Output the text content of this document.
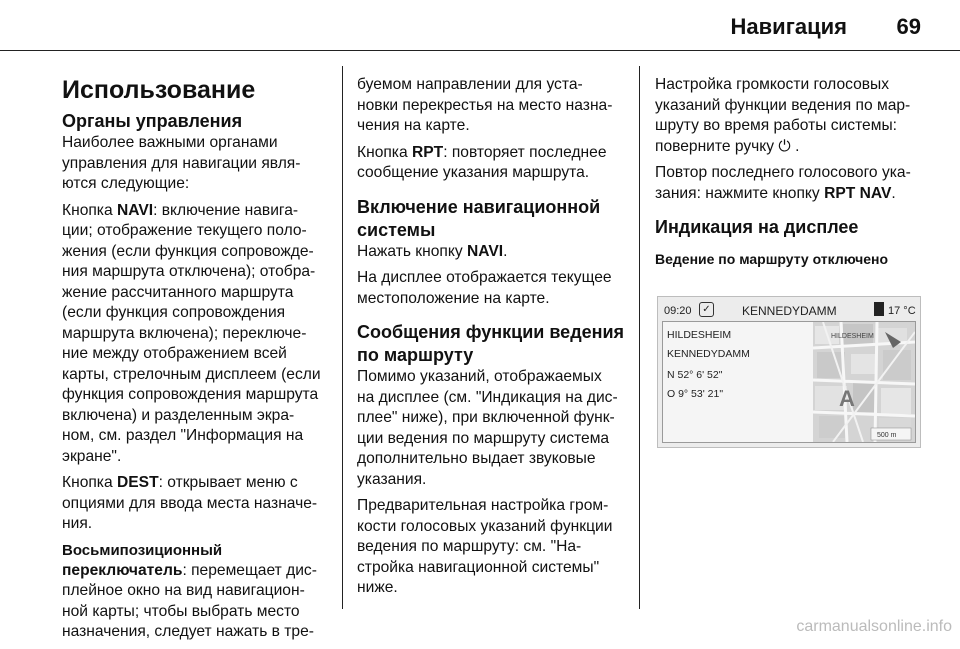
Навигация 69
Использование
Органы управления

Наиболее важными органами
управления для навигации явля-
ются следующие:

Кнопка NAVI: включение навига-
ции; отображение текущего поло-
жения (если функция сопровожде-
ния маршрута отключена); отобра-
жение рассчитанного маршрута
(если функция сопровождения
маршрута включена); переключе-
ние между отображением всей
карты, стрелочным дисплеем (если
функция сопровождения маршрута
включена) и разделенным экра-
ном, см. раздел "Информация на
экране".

Кнопка DEST: открывает меню с
опциями для ввода места назначе-
ния.

Восьмипозиционный
переключатель: перемещает дис-
плейное окно на вид навигацион-
ной карты; чтобы выбрать место
назначения, следует нажать в тре-

буемом направлении для уста-
новки перекрестья на место назна-
чения на карте.

Кнопка RPT: повторяет последнее
сообщение указания маршрута.

Включение навигационной
системы

Нажать кнопку NAVI.

На дисплее отображается текущее
местоположение на карте.

Сообщения функции ведения
по маршруту

Помимо указаний, отображаемых
на дисплее (см. "Индикация на дис-
плее" ниже), при включенной функ-
ции ведения по маршруту система
дополнительно выдает звуковые
указания.

Предварительная настройка гром-
кости голосовых указаний функции
ведения по маршруту: см. "На-
стройка навигационной системы"
ниже.

Настройка громкости голосовых
указаний функции ведения по мар-
шруту во время работы системы:
поверните ручку ⏻ .

Повтор последнего голосового ука-
зания: нажмите кнопку RPT NAV.

Индикация на дисплее
Ведение по маршруту отключено
09:20	✓	KENNEDYDAMM	17 °C
HILDESHEIM
KENNEDYDAMM
N 52° 6' 52"
O 9° 53' 21"
HILDESHEIM
A
500 m
carmanualsonline.info
